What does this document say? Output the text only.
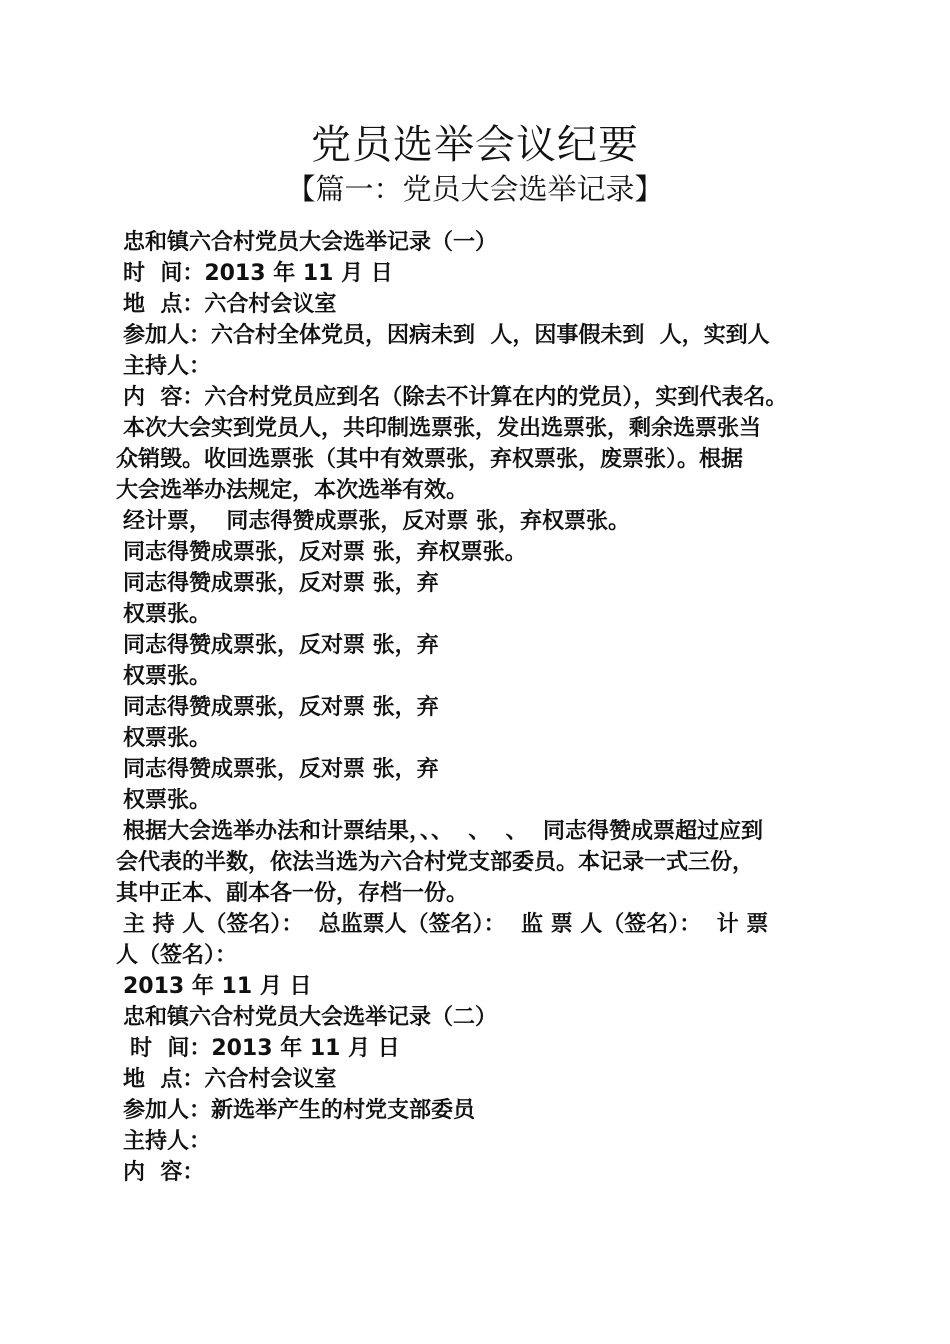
党员选举会议纪要
【篇一：党员大会选举记录】
忠和镇六合村党员大会选举记录（一）
时  间：2013 年 11 月 日
地  点：六合村会议室
参加人：六合村全体党员，因病未到  人，因事假未到  人，实到人
主持人：
内  容：六合村党员应到名（除去不计算在内的党员），实到代表名。
本次大会实到党员人，共印制选票张，发出选票张，剩余选票张当
众销毁。收回选票张（其中有效票张，弃权票张，废票张）。根据
大会选举办法规定，本次选举有效。
经计票，  同志得赞成票张，反对票 张，弃权票张。
同志得赞成票张，反对票 张，弃权票张。
同志得赞成票张，反对票 张，弃
权票张。
同志得赞成票张，反对票 张，弃
权票张。
同志得赞成票张，反对票 张，弃
权票张。
同志得赞成票张，反对票 张，弃
权票张。
根据大会选举办法和计票结果，、、  、  、  同志得赞成票超过应到
会代表的半数，依法当选为六合村党支部委员。本记录一式三份，
其中正本、副本各一份，存档一份。
主 持 人（签名）：  总监票人（签名）：  监 票 人（签名）：  计 票
人（签名）：
2013 年 11 月 日
忠和镇六合村党员大会选举记录（二）
时  间：2013 年 11 月 日
地  点：六合村会议室
参加人：新选举产生的村党支部委员
主持人：
内  容：
